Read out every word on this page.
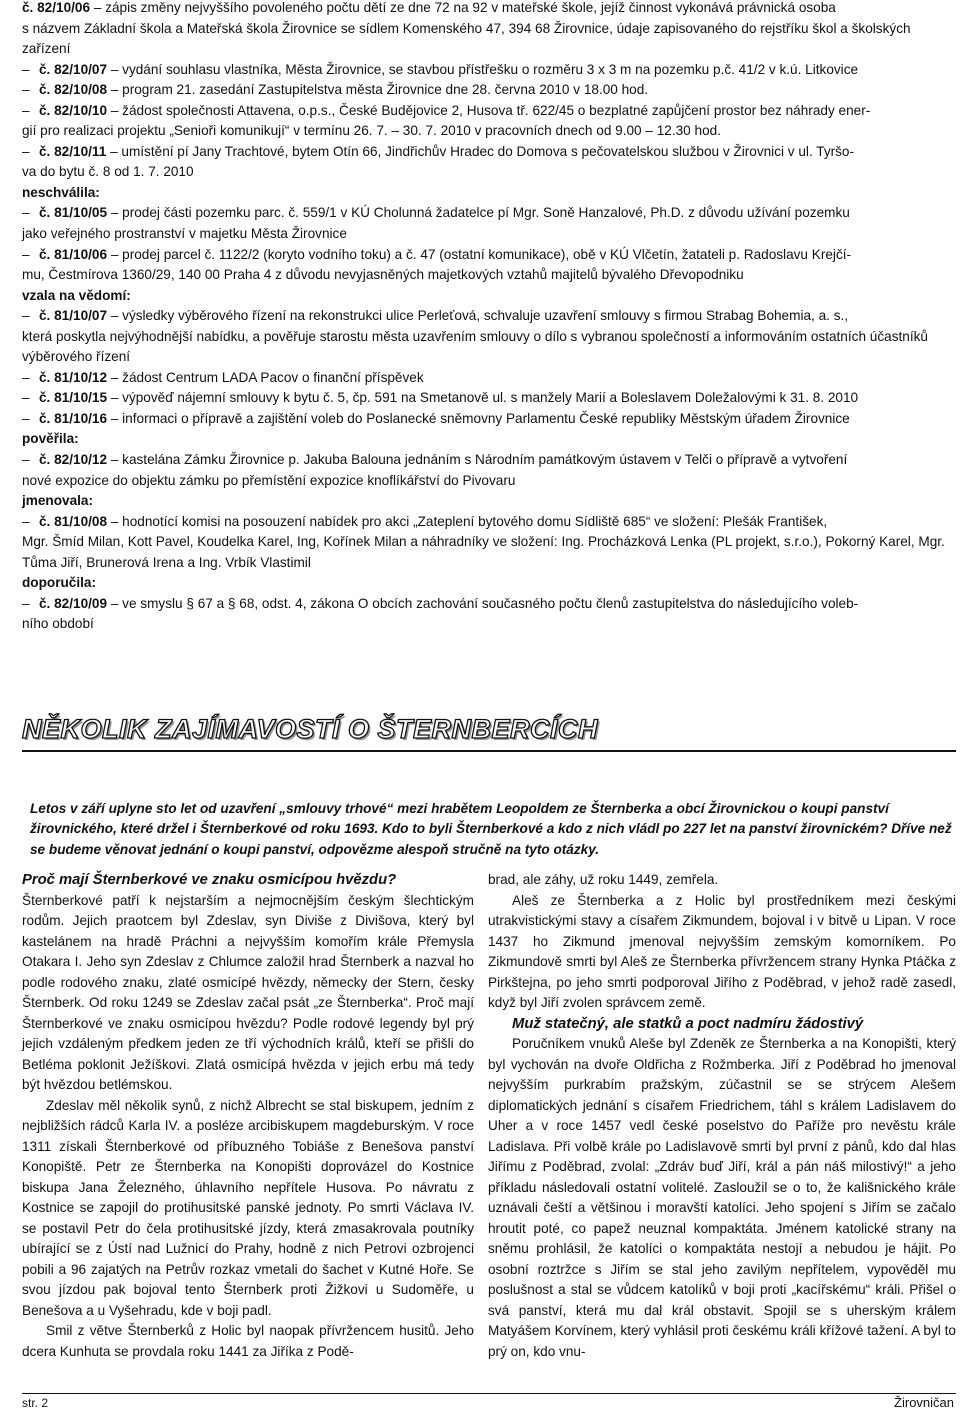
č. 82/10/06 – zápis změny nejvyššího povoleného počtu dětí ze dne 72 na 92 v mateřské škole, jejíž činnost vykonává právnická osoba

s názvem Základní škola a Mateřská škola Žirovnice se sídlem Komenského 47, 394 68 Žirovnice, údaje zapisovaného do rejstříku škol a školských zařízení

– č. 82/10/07 – vydání souhlasu vlastníka, Města Žirovnice, se stavbou přístřešku o rozměru 3 x 3 m na pozemku p.č. 41/2 v k.ú. Litkovice

– č. 82/10/08 – program 21. zasedání Zastupitelstva města Žirovnice dne 28. června 2010 v 18.00 hod.

– č. 82/10/10 – žádost společnosti Attavena, o.p.s., České Budějovice 2, Husova tř. 622/45 o bezplatné zapůjčení prostor bez náhrady ener-

gií pro realizaci projektu „Senioři komunikují“ v termínu 26. 7. – 30. 7. 2010 v pracovních dnech od 9.00 – 12.30 hod.

– č. 82/10/11 – umístění pí Jany Trachtové, bytem Otín 66, Jindřichův Hradec do Domova s pečovatelskou službou v Žirovnici v ul. Tyršo-

va do bytu č. 8 od 1. 7. 2010

neschválila:

– č. 81/10/05 – prodej části pozemku parc. č. 559/1 v KÚ Cholunná žadatelce pí Mgr. Soně Hanzalové, Ph.D. z důvodu užívání pozemku

jako veřejného prostranství v majetku Města Žirovnice

– č. 81/10/06 – prodej parcel č. 1122/2 (koryto vodního toku) a č. 47 (ostatní komunikace), obě v KÚ Vlčetín, žatateli p. Radoslavu Krejčí-

mu, Čestmírova 1360/29, 140 00 Praha 4 z důvodu nevyjasněných majetkových vztahů majitelů bývalého Dřevopodniku

vzala na vědomí:

– č. 81/10/07 – výsledky výběrového řízení na rekonstrukci ulice Perleťová, schvaluje uzavření smlouvy s firmou Strabag Bohemia, a. s.,

která poskytla nejvýhodnější nabídku, a pověřuje starostu města uzavřením smlouvy o dílo s vybranou společností a informováním ostatních účastníků výběrového řízení

– č. 81/10/12 – žádost Centrum LADA Pacov o finanční příspěvek

– č. 81/10/15 – výpověď nájemní smlouvy k bytu č. 5, čp. 591 na Smetanově ul. s manžely Marií a Boleslavem Doležalovými k 31. 8. 2010

– č. 81/10/16 – informaci o přípravě a zajištění voleb do Poslanecké sněmovny Parlamentu České republiky Městským úřadem Žirovnice

pověřila:

– č. 82/10/12 – kastelána Zámku Žirovnice p. Jakuba Balouna jednáním s Národním památkovým ústavem v Telči o přípravě a vytvoření

nové expozice do objektu zámku po přemístění expozice knoflíkářství do Pivovaru

jmenovala:

– č. 81/10/08 – hodnotící komisi na posouzení nabídek pro akci „Zateplení bytového domu Sídliště 685“ ve složení: Plešák František,

Mgr. Šmíd Milan, Kott Pavel, Koudelka Karel, Ing, Kořínek Milan a náhradníky ve složení: Ing. Procházková Lenka (PL projekt, s.r.o.), Pokorný Karel, Mgr. Tůma Jiří, Brunerová Irena a Ing. Vrbík Vlastimil

doporučila:

– č. 82/10/09 – ve smyslu § 67 a § 68, odst. 4, zákona O obcích zachování současného počtu členů zastupitelstva do následujícího voleb-

ního období

NĚKOLIK ZAJÍMAVOSTÍ O ŠTERNBERCÍCH

Letos v září uplyne sto let od uzavření „smlouvy trhové“ mezi hrabětem Leopoldem ze Šternberka a obcí Žirovnickou o koupi panství žirovnického, které držel i Šternberkové od roku 1693. Kdo to byli Šternberkové a kdo z nich vládl po 227 let na panství žirovnickém? Dříve než se budeme věnovat jednání o koupi panství, odpovězme alespoň stručně na tyto otázky.

Proč mají Šternberkové ve znaku osmicípou hvězdu?

Šternberkové patří k nejstarším a nejmocnějším českým šlechtickým rodům. Jejich praotcem byl Zdeslav, syn Diviše z Divišova, který byl kastelánem na hradě Práchni a nejvyšším komořím krále Přemysla Otakara I. Jeho syn Zdeslav z Chlumce založil hrad Šternberk a nazval ho podle rodového znaku, zlaté osmicípé hvězdy, německy der Stern, česky Šternberk. Od roku 1249 se Zdeslav začal psát „ze Šternberka“. Proč mají Šternberkové ve znaku osmicípou hvězdu? Podle rodové legendy byl prý jejich vzdáleným předkem jeden ze tří východních králů, kteří se přišli do Betléma poklonit Ježíškovi. Zlatá osmicípá hvězda v jejich erbu má tedy být hvězdou betlémskou.

Zdeslav měl několik synů, z nichž Albrecht se stal biskupem, jedním z nejbližších rádců Karla IV. a posléze arcibiskupem magdeburským. V roce 1311 získali Šternberkové od příbuzného Tobiáše z Benešova panství Konopiště. Petr ze Šternberka na Konopišti doprovázel do Kostnice biskupa Jana Železného, úhlavního nepřítele Husova. Po návratu z Kostnice se zapojil do protihusitské panské jednoty. Po smrti Václava IV. se postavil Petr do čela protihusitské jízdy, která zmasakrovala poutníky ubírající se z Ústí nad Lužnicí do Prahy, hodně z nich Petrovi ozbrojenci pobili a 96 zajatých na Petrův rozkaz vmetali do šachet v Kutné Hoře. Se svou jízdou pak bojoval tento Šternberk proti Žižkovi u Sudoměře, u Benešova a u Vyšehradu, kde v boji padl.

Smil z větve Šternberků z Holic byl naopak přívržencem husitů. Jeho dcera Kunhuta se provdala roku 1441 za Jiříka z Podě-

brad, ale záhy, už roku 1449, zemřela.

Aleš ze Šternberka a z Holic byl prostředníkem mezi českými utrakvistickými stavy a císařem Zikmundem, bojoval i v bitvě u Lipan. V roce 1437 ho Zikmund jmenoval nejvyšším zemským komorníkem. Po Zikmundově smrti byl Aleš ze Šternberka přívržencem strany Hynka Ptáčka z Pirkštejna, po jeho smrti podporoval Jiřího z Poděbrad, v jehož radě zasedl, když byl Jiří zvolen správcem země.

Muž statečný, ale statků a poct nadmíru žádostivý

Poručníkem vnuků Aleše byl Zdeněk ze Šternberka a na Konopišti, který byl vychován na dvoře Oldřicha z Rožmberka. Jiří z Poděbrad ho jmenoval nejvyšším purkrabím pražským, zúčastnil se se strýcem Alešem diplomatických jednání s císařem Friedrichem, táhl s králem Ladislavem do Uher a v roce 1457 vedl české poselstvo do Paříže pro nevěstu krále Ladislava. Při volbě krále po Ladislavově smrti byl první z pánů, kdo dal hlas Jiřímu z Poděbrad, zvolal: „Zdráv buď Jiří, král a pán náš milostivý!“ a jeho příkladu následovali ostatní volitelé. Zasloužil se o to, že kališnického krále uznávali čeští a většinou i moravští katolíci. Jeho spojení s Jiřím se začalo hroutit poté, co papež neuznal kompaktáta. Jménem katolické strany na sněmu prohlásil, že katolíci o kompaktáta nestojí a nebudou je hájit. Po osobní roztržce s Jiřím se stal jeho zavilým nepřítelem, vypověděl mu poslušnost a stal se vůdcem katolíků v boji proti „kacířskému“ králi. Přišel o svá panství, která mu dal král obstavit. Spojil se s uherským králem Matyášem Korvínem, který vyhlásil proti českému králi křížové tažení. A byl to prý on, kdo vnu-

str. 2	Žirovničan
